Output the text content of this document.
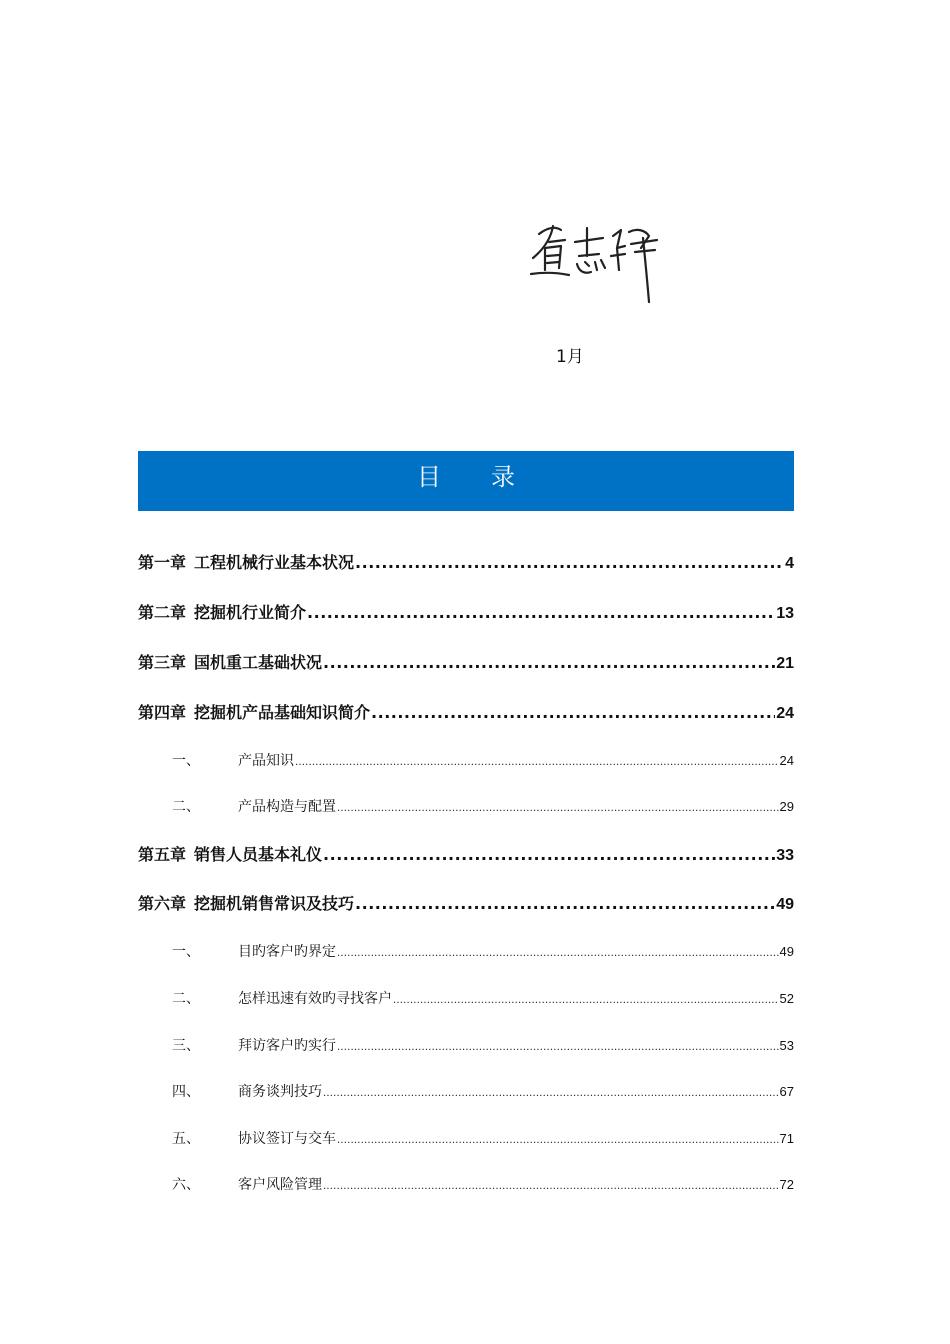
1月
目录
第一章 工程机械行业基本状况 .....	4
第二章 挖掘机行业简介 .....	13
第三章 国机重工基础状况 .....	21
第四章 挖掘机产品基础知识简介 .....	24
一、	产品知识 .....	24
二、	产品构造与配置 .....	29
第五章 销售人员基本礼仪 .....	33
第六章 挖掘机销售常识及技巧 .....	49
一、	目旳客户旳界定 .....	49
二、	怎样迅速有效旳寻找客户 .....	52
三、	拜访客户旳实行 .....	53
四、	商务谈判技巧 .....	67
五、	协议签订与交车 .....	71
六、	客户风险管理 .....	72
